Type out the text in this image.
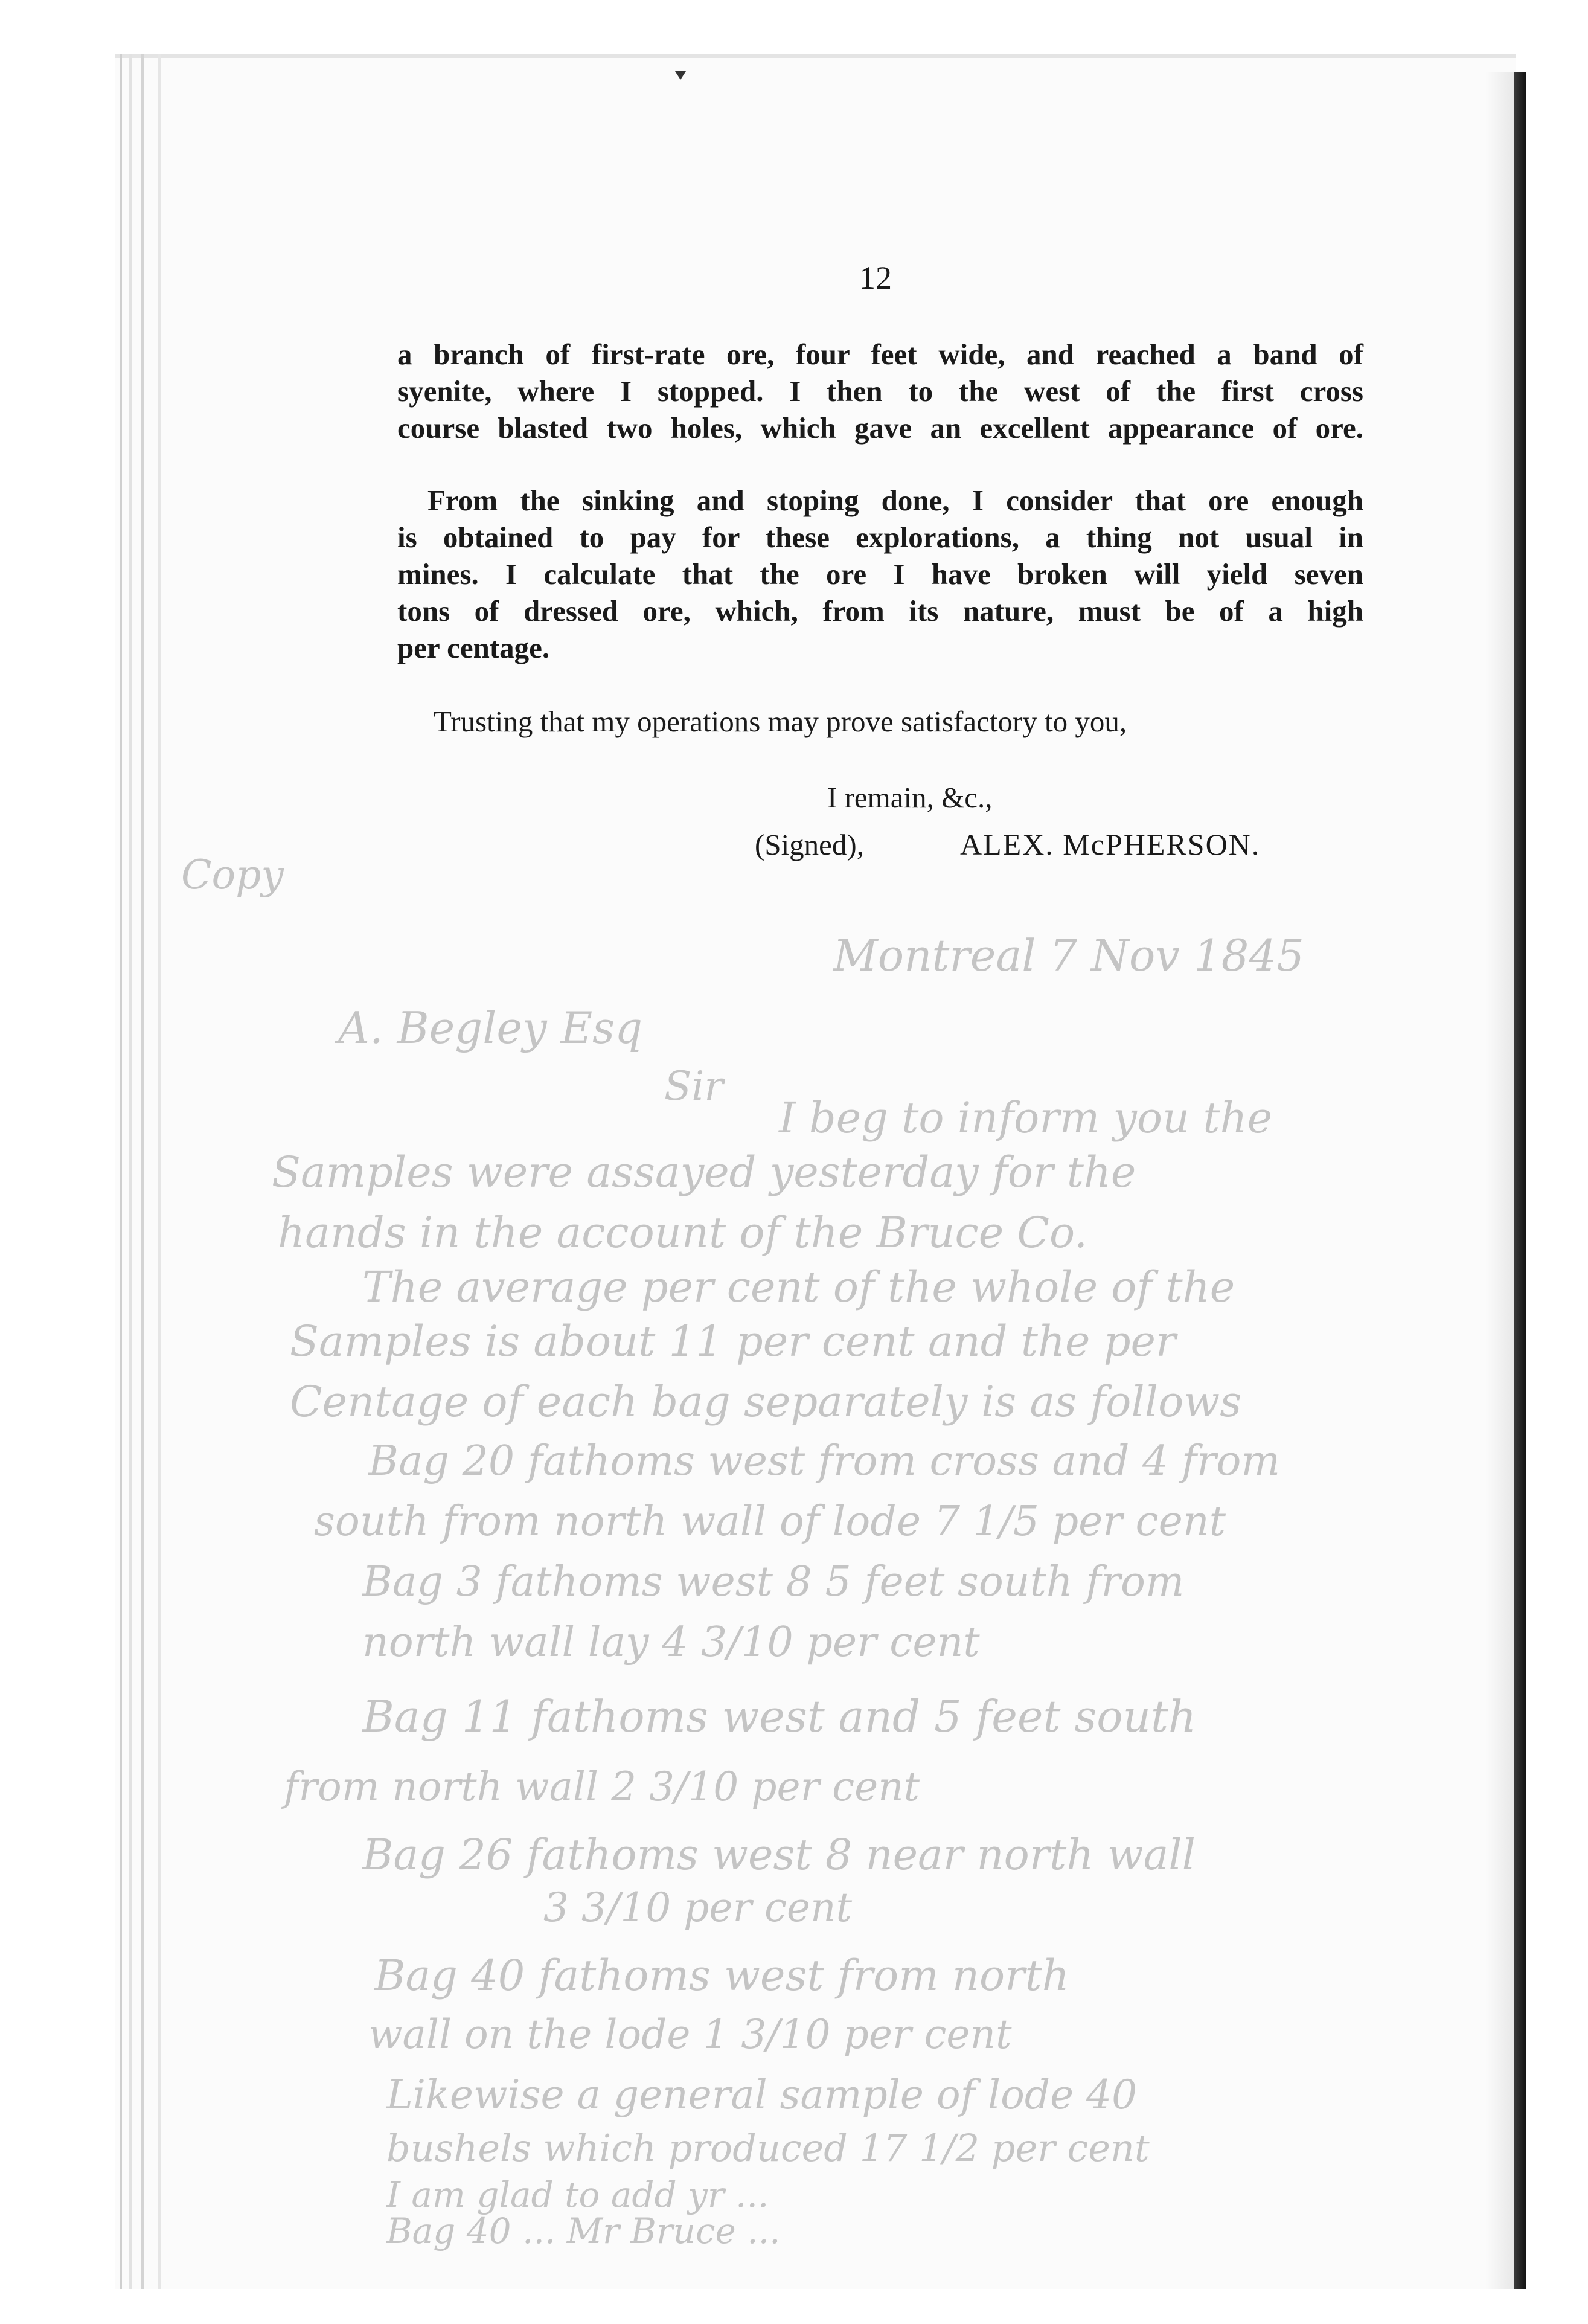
Copy
Montreal 7 Nov 1845
A. Begley Esq
Sir
I beg to inform you the
Samples were assayed yesterday for the
hands in the account of the Bruce Co.
The average per cent of the whole of the
Samples is about 11 per cent and the per
Centage of each bag separately is as follows
Bag 20 fathoms west from cross and 4 from
south from north wall of lode 7 1/5 per cent
Bag 3 fathoms west 8 5 feet south from
north wall lay 4 3/10 per cent
Bag 11 fathoms west and 5 feet south
from north wall 2 3/10 per cent
Bag 26 fathoms west 8 near north wall
3 3/10 per cent
Bag 40 fathoms west from north
wall on the lode 1 3/10 per cent
Likewise a general sample of lode 40
bushels which produced 17 1/2 per cent
I am glad to add yr ...
Bag 40 ... Mr Bruce ...
12
a branch of first-rate ore, four feet wide, and reached a band of
syenite, where I stopped. I then to the west of the first cross
course blasted two holes, which gave an excellent appearance of ore.
From the sinking and stoping done, I consider that ore enough
is obtained to pay for these explorations, a thing not usual in
mines. I calculate that the ore I have broken will yield seven
tons of dressed ore, which, from its nature, must be of a high
per centage.
Trusting that my operations may prove satisfactory to you,
I remain, &c.,
(Signed),	ALEX. McPHERSON.
